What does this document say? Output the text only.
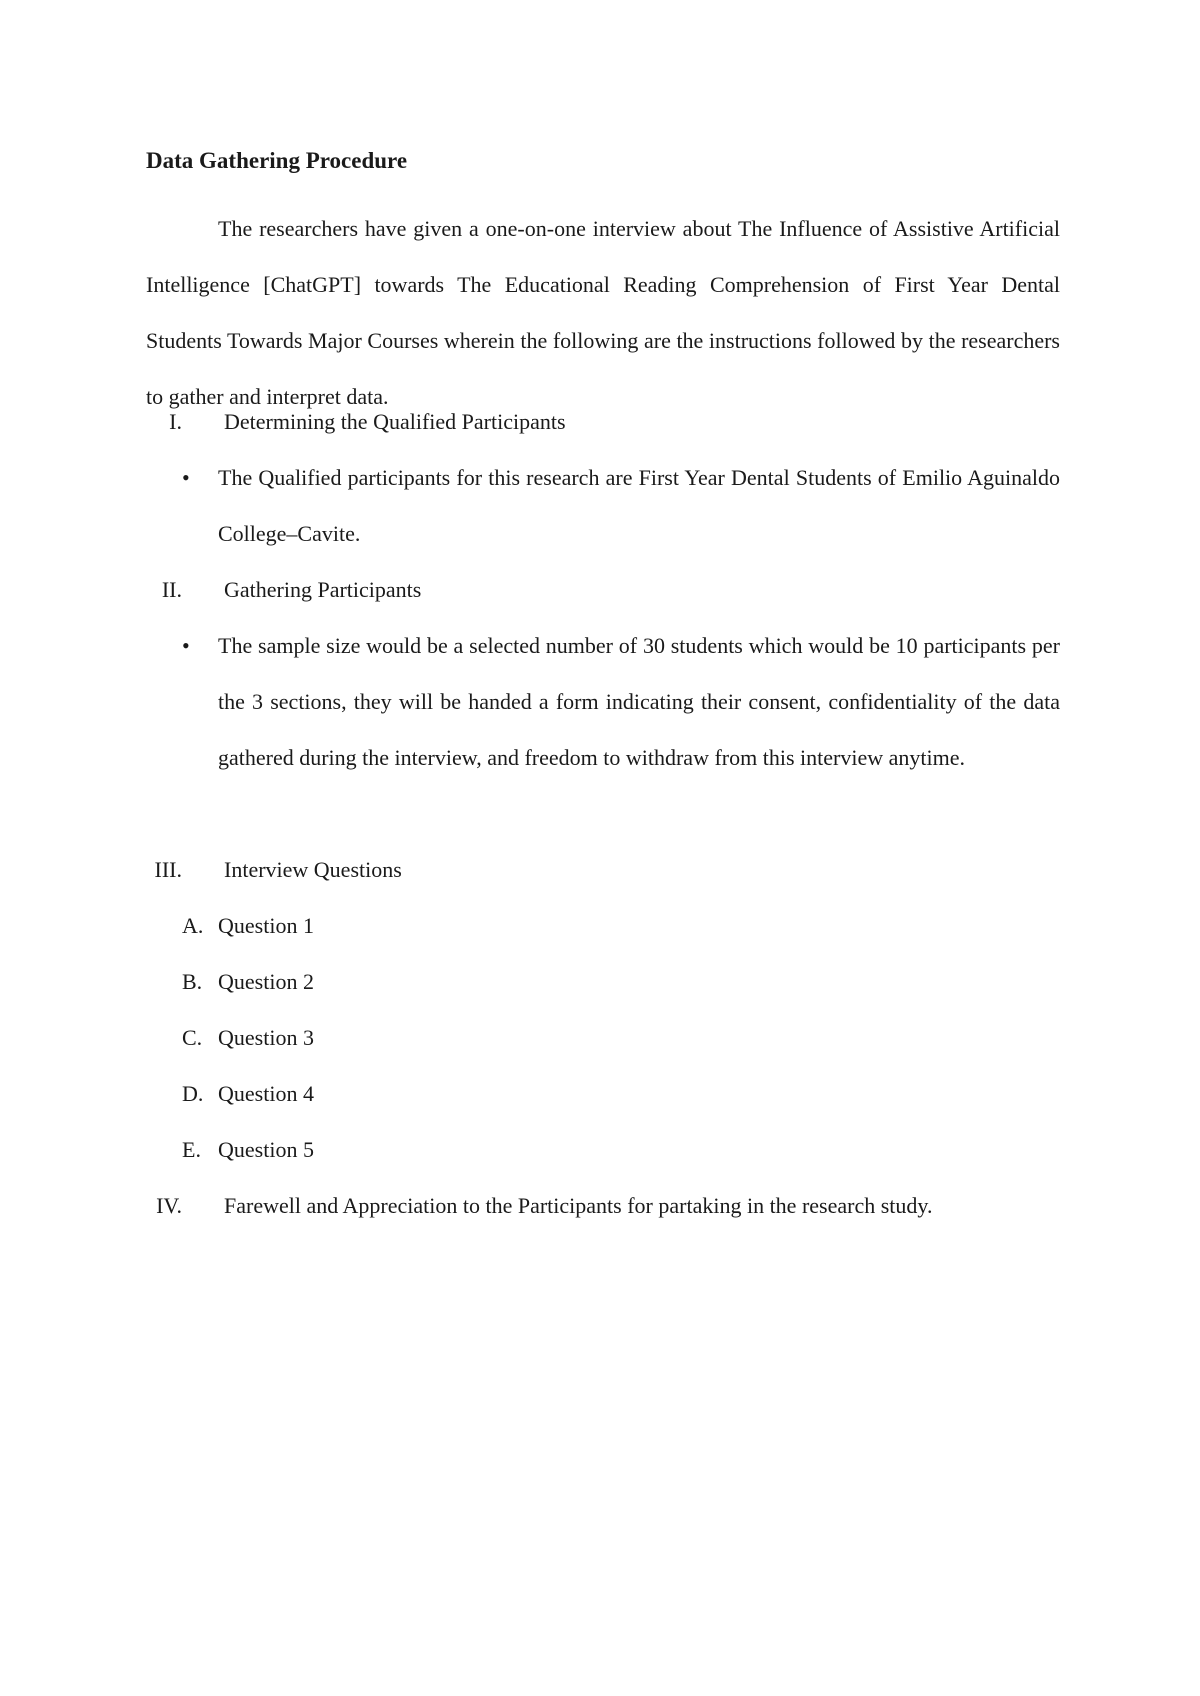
Data Gathering Procedure

The researchers have given a one-on-one interview about The Influence of Assistive Artificial Intelligence [ChatGPT] towards The Educational Reading Comprehension of First Year Dental Students Towards Major Courses wherein the following are the instructions followed by the researchers to gather and interpret data.

I. Determining the Qualified Participants
• The Qualified participants for this research are First Year Dental Students of Emilio Aguinaldo College–Cavite.

II. Gathering Participants
• The sample size would be a selected number of 30 students which would be 10 participants per the 3 sections, they will be handed a form indicating their consent, confidentiality of the data gathered during the interview, and freedom to withdraw from this interview anytime.

III. Interview Questions
A. Question 1
B. Question 2
C. Question 3
D. Question 4
E. Question 5
IV. Farewell and Appreciation to the Participants for partaking in the research study.
